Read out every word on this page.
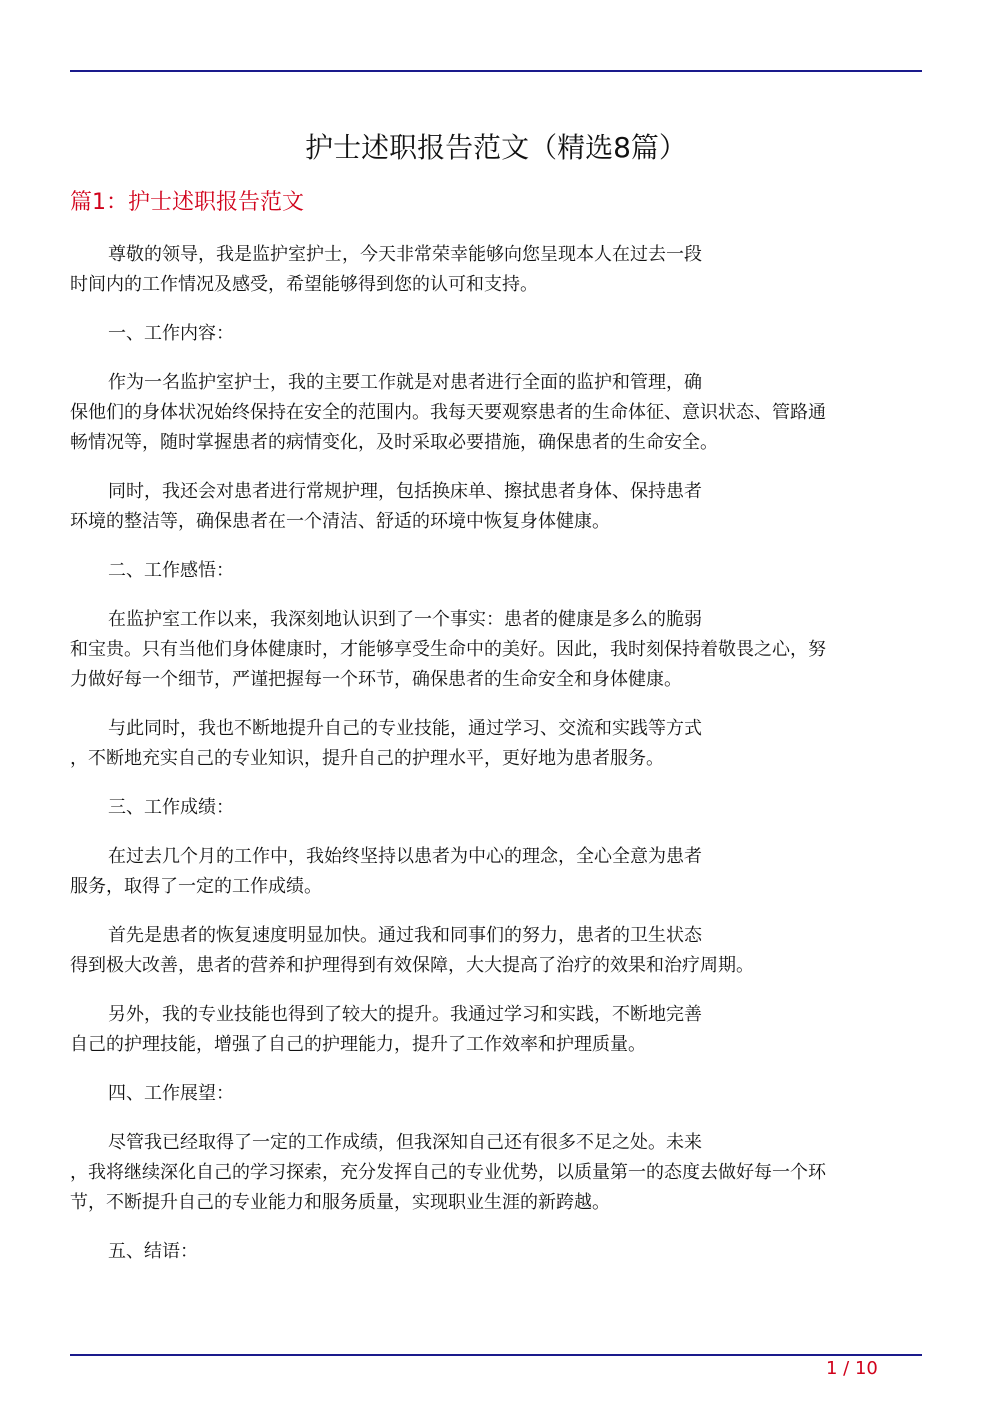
护士述职报告范文（精选8篇）
篇1：护士述职报告范文

尊敬的领导，我是监护室护士，今天非常荣幸能够向您呈现本人在过去一段
时间内的工作情况及感受，希望能够得到您的认可和支持。

一、工作内容：

作为一名监护室护士，我的主要工作就是对患者进行全面的监护和管理，确
保他们的身体状况始终保持在安全的范围内。我每天要观察患者的生命体征、意识状态、管路通
畅情况等，随时掌握患者的病情变化，及时采取必要措施，确保患者的生命安全。

同时，我还会对患者进行常规护理，包括换床单、擦拭患者身体、保持患者
环境的整洁等，确保患者在一个清洁、舒适的环境中恢复身体健康。

二、工作感悟：

在监护室工作以来，我深刻地认识到了一个事实：患者的健康是多么的脆弱
和宝贵。只有当他们身体健康时，才能够享受生命中的美好。因此，我时刻保持着敬畏之心，努
力做好每一个细节，严谨把握每一个环节，确保患者的生命安全和身体健康。

与此同时，我也不断地提升自己的专业技能，通过学习、交流和实践等方式
，不断地充实自己的专业知识，提升自己的护理水平，更好地为患者服务。

三、工作成绩：

在过去几个月的工作中，我始终坚持以患者为中心的理念，全心全意为患者
服务，取得了一定的工作成绩。

首先是患者的恢复速度明显加快。通过我和同事们的努力，患者的卫生状态
得到极大改善，患者的营养和护理得到有效保障，大大提高了治疗的效果和治疗周期。

另外，我的专业技能也得到了较大的提升。我通过学习和实践，不断地完善
自己的护理技能，增强了自己的护理能力，提升了工作效率和护理质量。

四、工作展望：

尽管我已经取得了一定的工作成绩，但我深知自己还有很多不足之处。未来
，我将继续深化自己的学习探索，充分发挥自己的专业优势，以质量第一的态度去做好每一个环
节，不断提升自己的专业能力和服务质量，实现职业生涯的新跨越。

五、结语：

1 / 10
